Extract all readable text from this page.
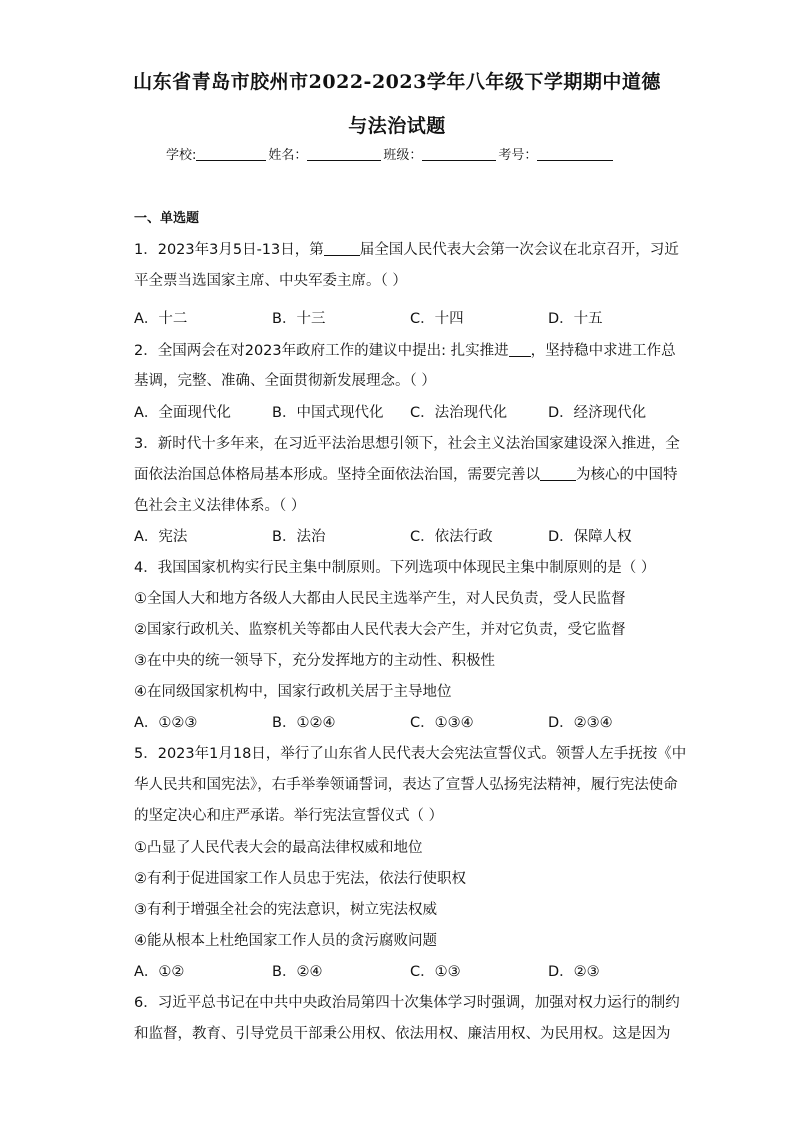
山东省青岛市胶州市2022-2023学年八年级下学期期中道德
与法治试题
学校:	姓名：	班级：	考号：
一、单选题
1．2023年3月5日-13日，第 届全国人民代表大会第一次会议在北京召开，习近
平全票当选国家主席、中央军委主席。（ ）
A．十二	B．十三	C．十四	D．十五
2．全国两会在对2023年政府工作的建议中提出: 扎实推进 ，坚持稳中求进工作总
基调，完整、准确、全面贯彻新发展理念。（ ）
A．全面现代化	B．中国式现代化 C．法治现代化	D．经济现代化
3．新时代十多年来，在习近平法治思想引领下，社会主义法治国家建设深入推进，全
面依法治国总体格局基本形成。坚持全面依法治国，需要完善以 为核心的中国特
色社会主义法律体系。（ ）
A．宪法	B．法治	C．依法行政	D．保障人权
4．我国国家机构实行民主集中制原则。下列选项中体现民主集中制原则的是（ ）
①全国人大和地方各级人大都由人民民主选举产生，对人民负责，受人民监督
②国家行政机关、监察机关等都由人民代表大会产生，并对它负责，受它监督
③在中央的统一领导下，充分发挥地方的主动性、积极性
④在同级国家机构中，国家行政机关居于主导地位
A．①②③	B．①②④	C．①③④	D．②③④
5．2023年1月18日，举行了山东省人民代表大会宪法宣誓仪式。领誓人左手抚按《中
华人民共和国宪法》，右手举拳领诵誓词，表达了宣誓人弘扬宪法精神，履行宪法使命
的坚定决心和庄严承诺。举行宪法宣誓仪式（ ）
①凸显了人民代表大会的最高法律权威和地位
②有利于促进国家工作人员忠于宪法，依法行使职权
③有利于增强全社会的宪法意识，树立宪法权威
④能从根本上杜绝国家工作人员的贪污腐败问题
A．①②	B．②④	C．①③	D．②③
6．习近平总书记在中共中央政治局第四十次集体学习时强调，加强对权力运行的制约
和监督，教育、引导党员干部秉公用权、依法用权、廉洁用权、为民用权。这是因为
